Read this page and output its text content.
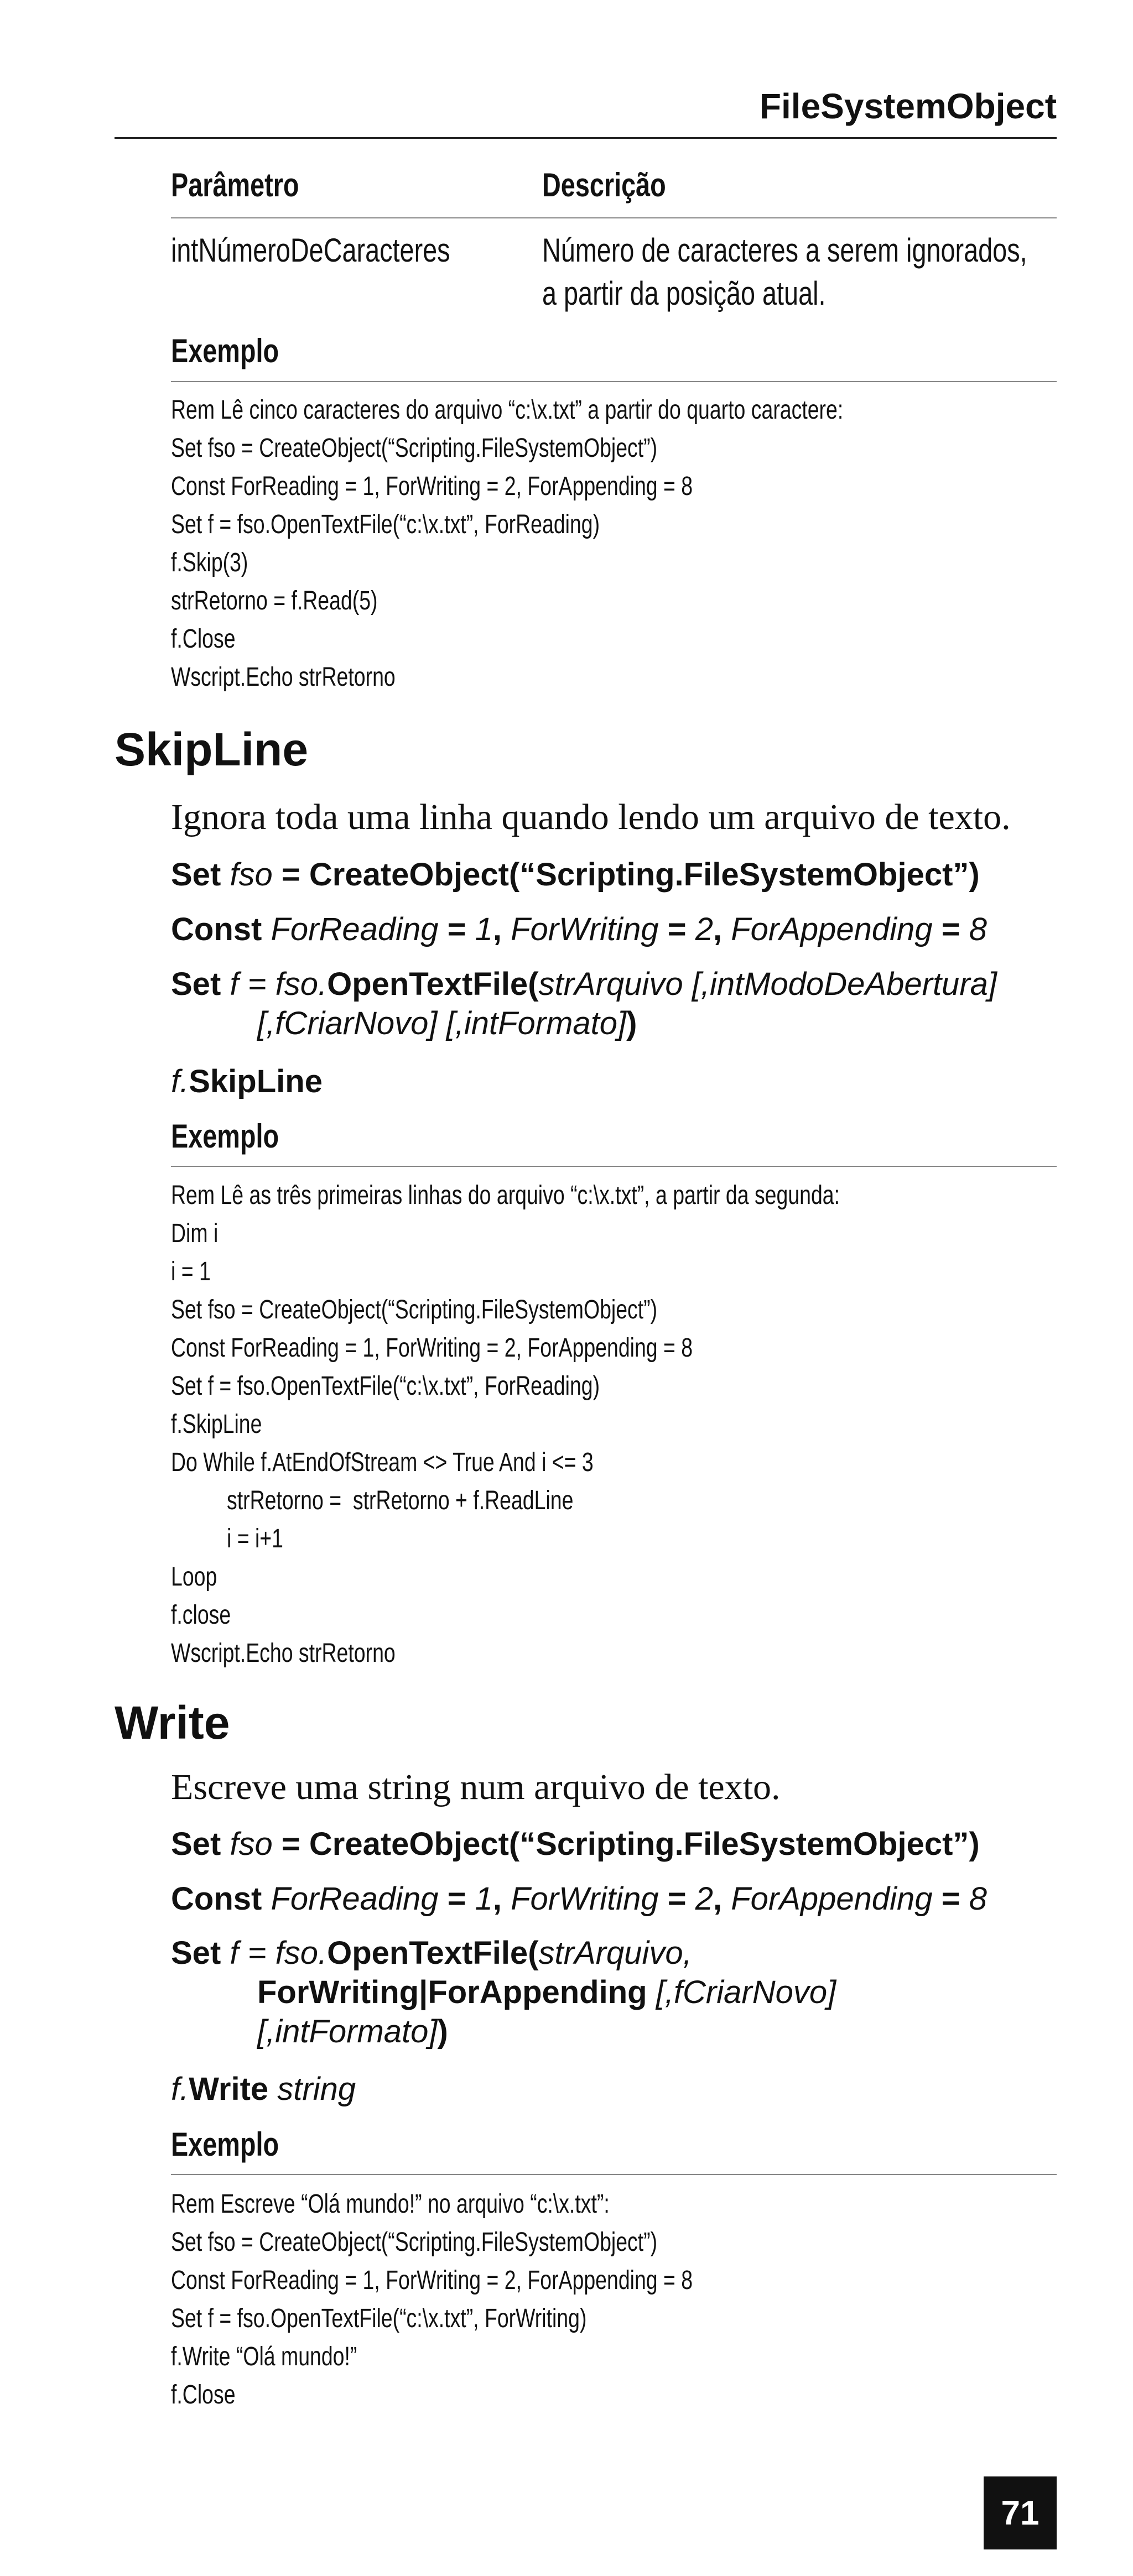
FileSystemObject
Parâmetro	Descrição
intNúmeroDeCaracteres	Número de caracteres a serem ignorados,
a partir da posição atual.
Exemplo
Rem Lê cinco caracteres do arquivo “c:\x.txt” a partir do quarto caractere:
Set fso = CreateObject(“Scripting.FileSystemObject”)
Const ForReading = 1, ForWriting = 2, ForAppending = 8
Set f = fso.OpenTextFile(“c:\x.txt”, ForReading)
f.Skip(3)
strRetorno = f.Read(5)
f.Close
Wscript.Echo strRetorno
SkipLine
Ignora toda uma linha quando lendo um arquivo de texto.
Set fso = CreateObject(“Scripting.FileSystemObject”)
Const ForReading = 1, ForWriting = 2, ForAppending = 8
Set f = fso.OpenTextFile(strArquivo [,intModoDeAbertura]
[,fCriarNovo] [,intFormato])
f.SkipLine
Exemplo
Rem Lê as três primeiras linhas do arquivo “c:\x.txt”, a partir da segunda:
Dim i
i = 1
Set fso = CreateObject(“Scripting.FileSystemObject”)
Const ForReading = 1, ForWriting = 2, ForAppending = 8
Set f = fso.OpenTextFile(“c:\x.txt”, ForReading)
f.SkipLine
Do While f.AtEndOfStream <> True And i <= 3
strRetorno =  strRetorno + f.ReadLine
i = i+1
Loop
f.close
Wscript.Echo strRetorno
Write
Escreve uma string num arquivo de texto.
Set fso = CreateObject(“Scripting.FileSystemObject”)
Const ForReading = 1, ForWriting = 2, ForAppending = 8
Set f = fso.OpenTextFile(strArquivo,
ForWriting|ForAppending [,fCriarNovo]
[,intFormato])
f.Write string
Exemplo
Rem Escreve “Olá mundo!” no arquivo “c:\x.txt”:
Set fso = CreateObject(“Scripting.FileSystemObject”)
Const ForReading = 1, ForWriting = 2, ForAppending = 8
Set f = fso.OpenTextFile(“c:\x.txt”, ForWriting)
f.Write “Olá mundo!”
f.Close
71
